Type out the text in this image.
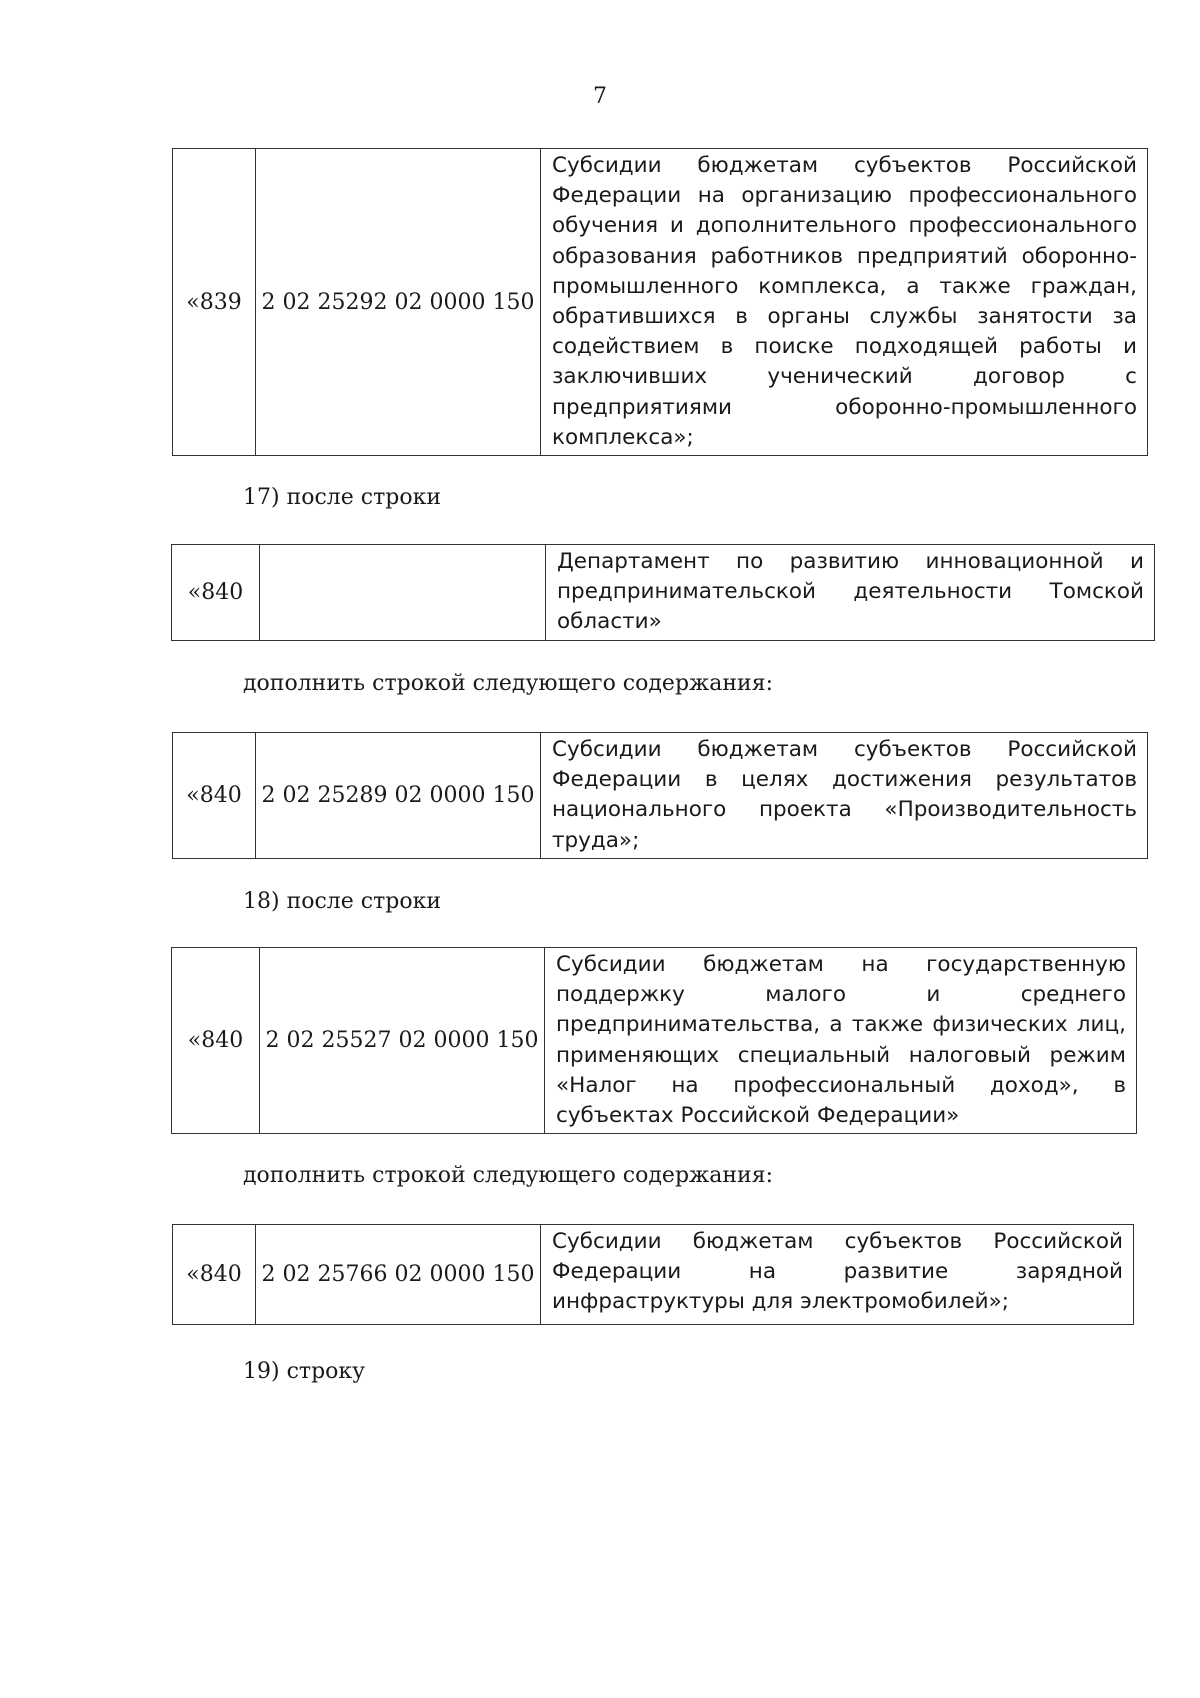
7
«839	2 02 25292 02 0000 150	Субсидии бюджетам субъектов Российской Федерации на организацию профессионального обучения и дополнительного профессионального образования работников предприятий оборонно-промышленного комплекса, а также граждан, обратившихся в органы службы занятости за содействием в поиске подходящей работы и заключивших ученический договор с предприятиями оборонно-промышленного комплекса»;
17) после строки
«840		Департамент по развитию инновационной и предпринимательской деятельности Томской области»
дополнить строкой следующего содержания:
«840	2 02 25289 02 0000 150	Субсидии бюджетам субъектов Российской Федерации в целях достижения результатов национального проекта «Производительность труда»;
18) после строки
«840	2 02 25527 02 0000 150	Субсидии бюджетам на государственную поддержку малого и среднего предпринимательства, а также физических лиц, применяющих специальный налоговый режим «Налог на профессиональный доход», в субъектах Российской Федерации»
дополнить строкой следующего содержания:
«840	2 02 25766 02 0000 150	Субсидии бюджетам субъектов Российской Федерации на развитие зарядной инфраструктуры для электромобилей»;
19) строку
